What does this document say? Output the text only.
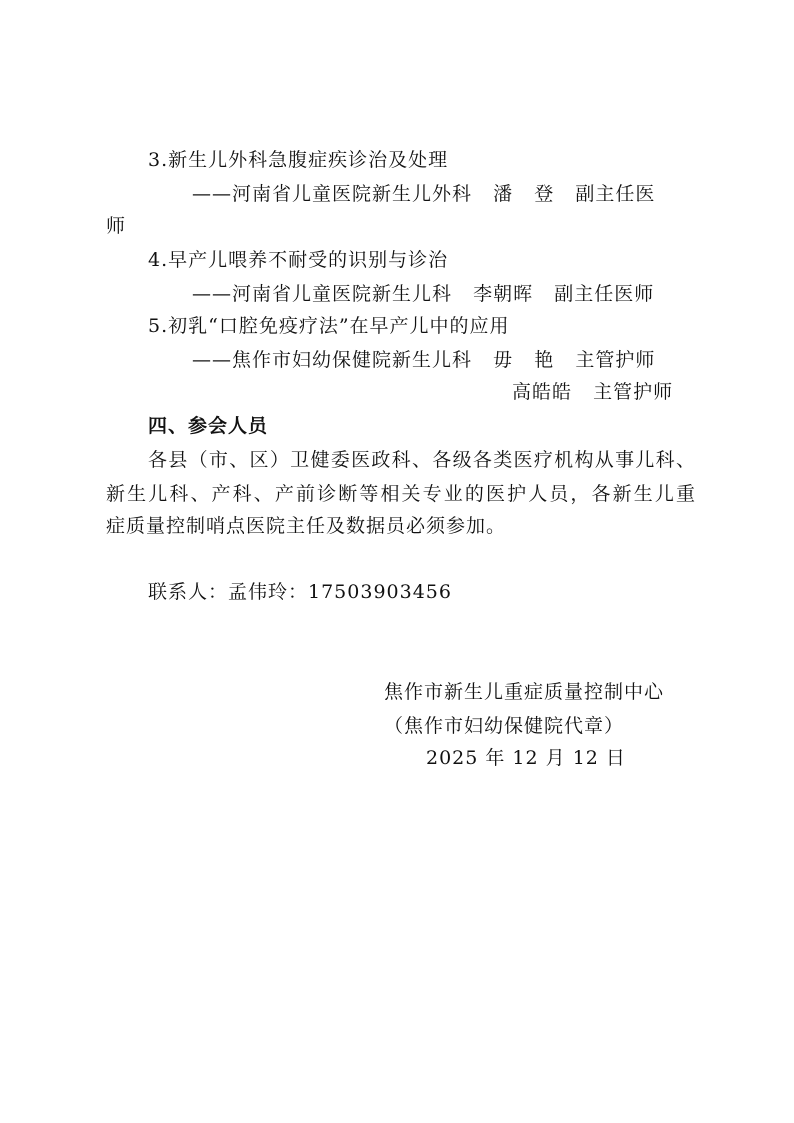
3.新生儿外科急腹症疾诊治及处理
——河南省儿童医院新生儿外科   潘   登   副主任医
师
4.早产儿喂养不耐受的识别与诊治
——河南省儿童医院新生儿科   李朝晖   副主任医师
5.初乳“口腔免疫疗法”在早产儿中的应用
——焦作市妇幼保健院新生儿科   毋   艳   主管护师
高皓皓   主管护师
四、参会人员
各县（市、区）卫健委医政科、各级各类医疗机构从事儿科、
新生儿科、产科、产前诊断等相关专业的医护人员，各新生儿重
症质量控制哨点医院主任及数据员必须参加。
联系人：孟伟玲：17503903456
焦作市新生儿重症质量控制中心
（焦作市妇幼保健院代章）
2025 年 12 月 12 日
